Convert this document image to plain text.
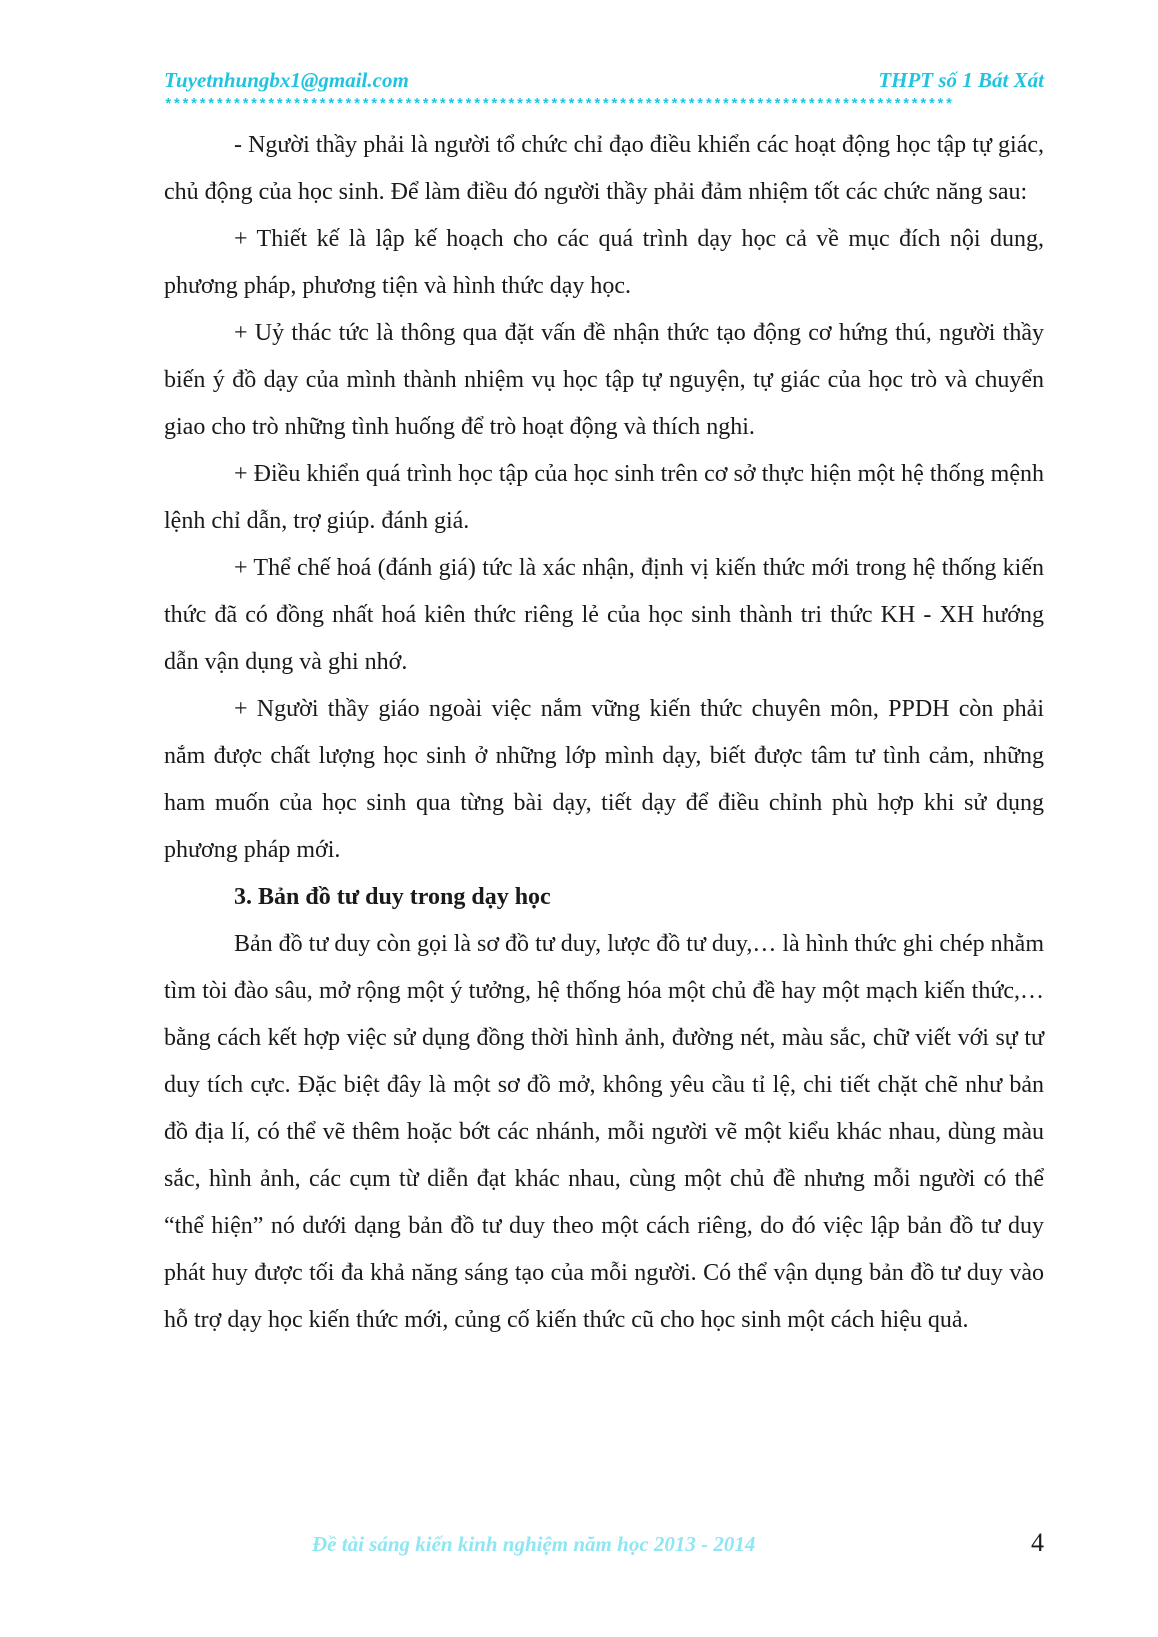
Tuyetnhungbx1@gmail.com	THPT số 1 Bát Xát
********************************************************************************************

- Người thầy phải là người tổ chức chỉ đạo điều khiển các hoạt động học tập tự giác, chủ động của học sinh. Để làm điều đó người thầy phải đảm nhiệm tốt các chức năng sau:

+ Thiết kế là lập kế hoạch cho các quá trình dạy học cả về mục đích nội dung, phương pháp, phương tiện và hình thức dạy học.

+ Uỷ thác tức là thông qua đặt vấn đề nhận thức tạo động cơ hứng thú, người thầy biến ý đồ dạy của mình thành nhiệm vụ học tập tự nguyện, tự giác của học trò và chuyển giao cho trò những tình huống để trò hoạt động và thích nghi.

+ Điều khiển quá trình học tập của học sinh trên cơ sở thực hiện một hệ thống mệnh lệnh chỉ dẫn, trợ giúp. đánh giá.

+ Thể chế hoá (đánh giá) tức là xác nhận, định vị kiến thức mới trong hệ thống kiến thức đã có đồng nhất hoá kiên thức riêng lẻ của học sinh thành tri thức KH - XH hướng dẫn vận dụng và ghi nhớ.

+ Người thầy giáo ngoài việc nắm vững kiến thức chuyên môn, PPDH còn phải nắm được chất lượng học sinh ở những lớp mình dạy, biết được tâm tư tình cảm, những ham muốn của học sinh qua từng bài dạy, tiết dạy để điều chỉnh phù hợp khi sử dụng phương pháp mới.

3. Bản đồ tư duy trong dạy học

Bản đồ tư duy còn gọi là sơ đồ tư duy, lược đồ tư duy,… là hình thức ghi chép nhằm tìm tòi đào sâu, mở rộng một ý tưởng, hệ thống hóa một chủ đề hay một mạch kiến thức,… bằng cách kết hợp việc sử dụng đồng thời hình ảnh, đường nét, màu sắc, chữ viết với sự tư duy tích cực. Đặc biệt đây là một sơ đồ mở, không yêu cầu tỉ lệ, chi tiết chặt chẽ như bản đồ địa lí, có thể vẽ thêm hoặc bớt các nhánh, mỗi người vẽ một kiểu khác nhau, dùng màu sắc, hình ảnh, các cụm từ diễn đạt khác nhau, cùng một chủ đề nhưng mỗi người có thể “thể hiện” nó dưới dạng bản đồ tư duy theo một cách riêng, do đó việc lập bản đồ tư duy phát huy được tối đa khả năng sáng tạo của mỗi người. Có thể vận dụng bản đồ tư duy vào hỗ trợ dạy học kiến thức mới, củng cố kiến thức cũ cho học sinh một cách hiệu quả.

Đề tài sáng kiến kinh nghiệm năm học 2013 - 2014	4
